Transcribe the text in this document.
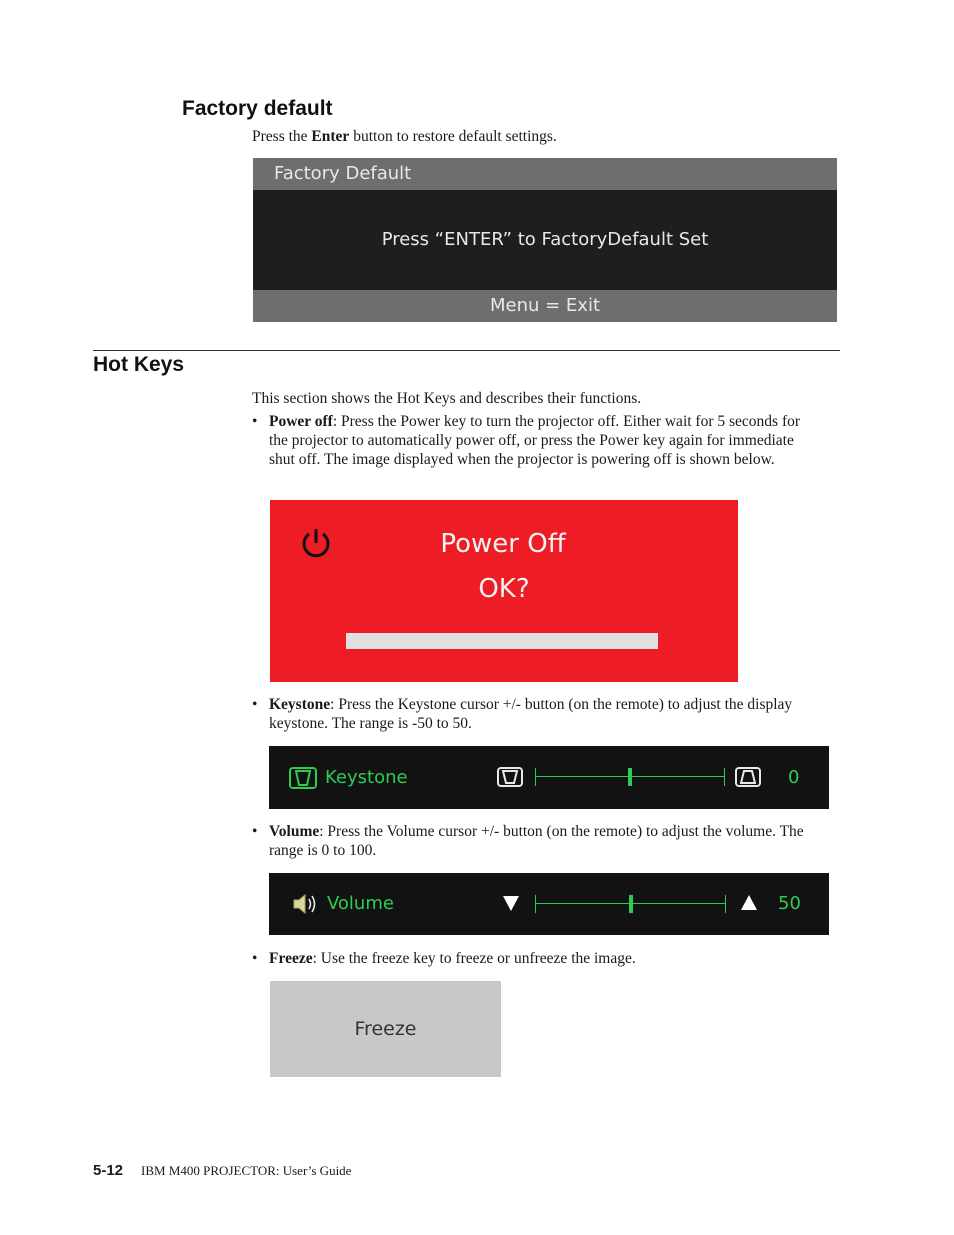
Factory default
Press the Enter button to restore default settings.
Factory Default
Press “ENTER” to FactoryDefault Set
Menu = Exit
Hot Keys
This section shows the Hot Keys and describes their functions.
• Power off: Press the Power key to turn the projector off. Either wait for 5 seconds for the projector to automatically power off, or press the Power key again for immediate shut off. The image displayed when the projector is powering off is shown below.
Power Off
OK?
• Keystone: Press the Keystone cursor +/- button (on the remote) to adjust the display keystone. The range is -50 to 50.
Keystone	0
• Volume: Press the Volume cursor +/- button (on the remote) to adjust the volume. The range is 0 to 100.
Volume	50
• Freeze: Use the freeze key to freeze or unfreeze the image.
Freeze
5-12 IBM M400 PROJECTOR: User’s Guide
